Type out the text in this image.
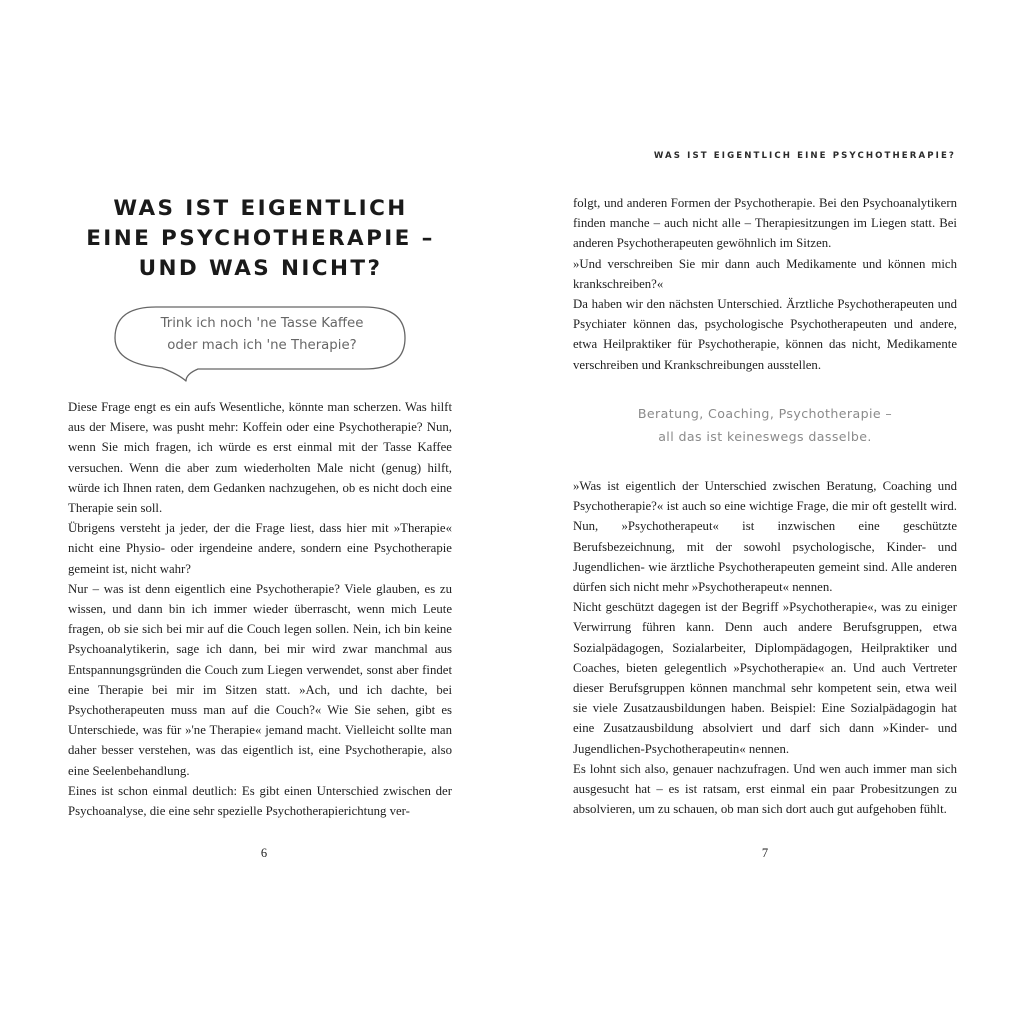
WAS IST EIGENTLICH
EINE PSYCHOTHERAPIE –
UND WAS NICHT?
Trink ich noch 'ne Tasse Kaffee
oder mach ich 'ne Therapie?

Diese Frage engt es ein aufs Wesentliche, könnte man scherzen. Was hilft aus der Misere, was pusht mehr: Koffein oder eine Psychotherapie? Nun, wenn Sie mich fragen, ich würde es erst einmal mit der Tasse Kaffee versuchen. Wenn die aber zum wiederholten Male nicht (genug) hilft, würde ich Ihnen raten, dem Gedanken nachzugehen, ob es nicht doch eine Therapie sein soll.

Übrigens versteht ja jeder, der die Frage liest, dass hier mit »Therapie« nicht eine Physio- oder irgendeine andere, sondern eine Psychotherapie gemeint ist, nicht wahr?

Nur – was ist denn eigentlich eine Psychotherapie? Viele glauben, es zu wissen, und dann bin ich immer wieder überrascht, wenn mich Leute fragen, ob sie sich bei mir auf die Couch legen sollen. Nein, ich bin keine Psychoanalytikerin, sage ich dann, bei mir wird zwar manchmal aus Entspannungsgründen die Couch zum Liegen verwendet, sonst aber findet eine Therapie bei mir im Sitzen statt. »Ach, und ich dachte, bei Psychotherapeuten muss man auf die Couch?« Wie Sie sehen, gibt es Unterschiede, was für »'ne Therapie« jemand macht. Vielleicht sollte man daher besser verstehen, was das eigentlich ist, eine Psychotherapie, also eine Seelenbehandlung.

Eines ist schon einmal deutlich: Es gibt einen Unterschied zwischen der Psychoanalyse, die eine sehr spezielle Psychotherapierichtung ver-

6
WAS IST EIGENTLICH EINE PSYCHOTHERAPIE?

folgt, und anderen Formen der Psychotherapie. Bei den Psychoanalytikern finden manche – auch nicht alle – Therapiesitzungen im Liegen statt. Bei anderen Psychotherapeuten gewöhnlich im Sitzen.

»Und verschreiben Sie mir dann auch Medikamente und können mich krankschreiben?«

Da haben wir den nächsten Unterschied. Ärztliche Psychotherapeuten und Psychiater können das, psychologische Psychotherapeuten und andere, etwa Heilpraktiker für Psychotherapie, können das nicht, Medikamente verschreiben und Krankschreibungen ausstellen.

Beratung, Coaching, Psychotherapie –
all das ist keineswegs dasselbe.

»Was ist eigentlich der Unterschied zwischen Beratung, Coaching und Psychotherapie?« ist auch so eine wichtige Frage, die mir oft gestellt wird. Nun, »Psychotherapeut« ist inzwischen eine geschützte Berufsbezeichnung, mit der sowohl psychologische, Kinder- und Jugendlichen- wie ärztliche Psychotherapeuten gemeint sind. Alle anderen dürfen sich nicht mehr »Psychotherapeut« nennen.

Nicht geschützt dagegen ist der Begriff »Psychotherapie«, was zu einiger Verwirrung führen kann. Denn auch andere Berufsgruppen, etwa Sozialpädagogen, Sozialarbeiter, Diplompädagogen, Heilpraktiker und Coaches, bieten gelegentlich »Psychotherapie« an. Und auch Vertreter dieser Berufsgruppen können manchmal sehr kompetent sein, etwa weil sie viele Zusatzausbildungen haben. Beispiel: Eine Sozialpädagogin hat eine Zusatzausbildung absolviert und darf sich dann »Kinder- und Jugendlichen-Psychotherapeutin« nennen.

Es lohnt sich also, genauer nachzufragen. Und wen auch immer man sich ausgesucht hat – es ist ratsam, erst einmal ein paar Probesitzungen zu absolvieren, um zu schauen, ob man sich dort auch gut aufgehoben fühlt.

7
